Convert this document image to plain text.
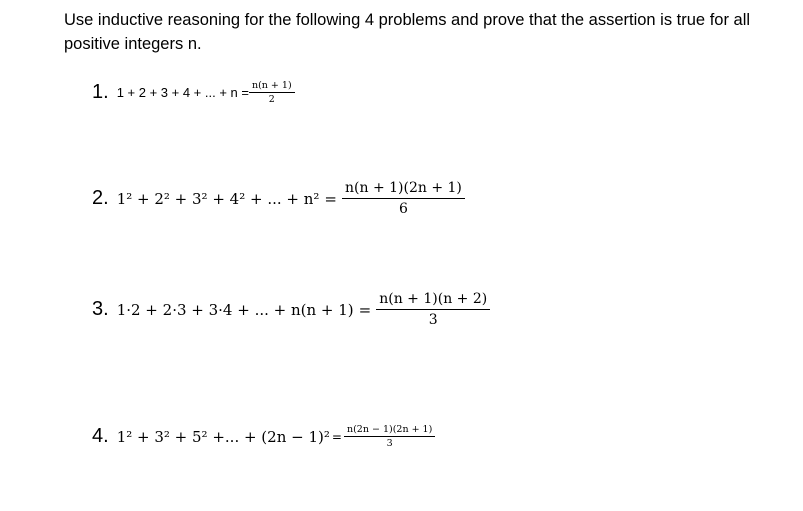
Use inductive reasoning for the following 4 problems and prove that the assertion is true for all positive integers n.

1. 1 + 2 + 3 + 4 + ... + $n = \frac{n(n + 1)}{2}$
2. 1² + 2² + 3² + 4² + ... + $n^2 = \frac{n(n + 1)(2n + 1)}{6}$
3. 1·2 + 2·3 + 3·4 + ... + $n(n + 1) = \frac{n(n + 1)(n + 2)}{3}$
4. 1² + 3² + 5² +... + $(2n - 1)^2 = \frac{n(2n - 1)(2n + 1)}{3}$
